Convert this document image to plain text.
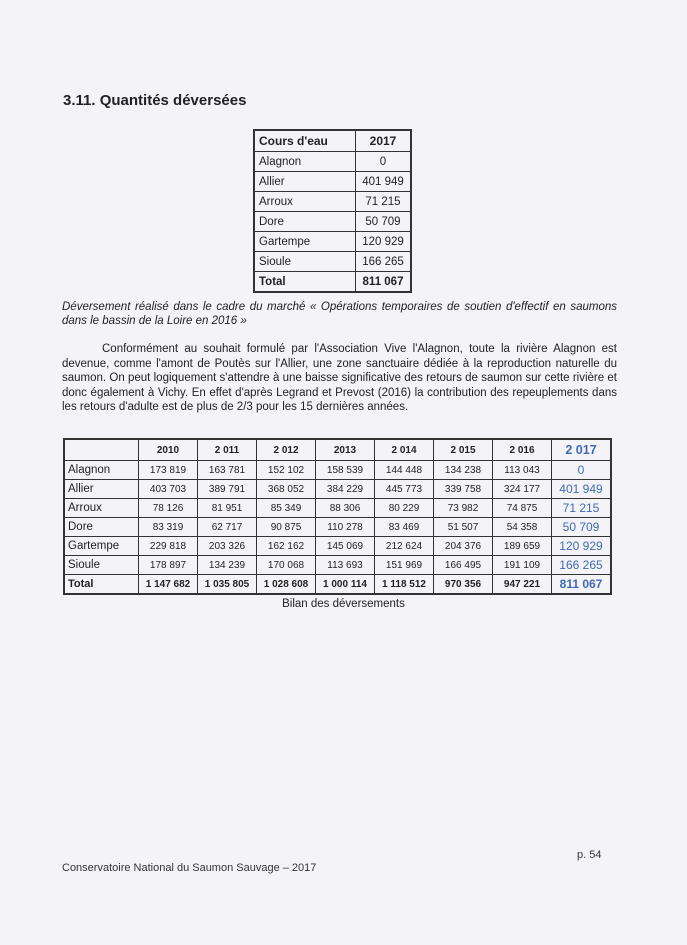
3.11. Quantités déversées
Cours d'eau	2017
Alagnon	0
Allier	401 949
Arroux	71 215
Dore	50 709
Gartempe	120 929
Sioule	166 265
Total	811 067
Déversement réalisé dans le cadre du marché « Opérations temporaires de soutien d'effectif en saumons dans le bassin de la Loire en 2016 »
Conformément au souhait formulé par l'Association Vive l'Alagnon, toute la rivière Alagnon est devenue, comme l'amont de Poutès sur l'Allier, une zone sanctuaire dédiée à la reproduction naturelle du saumon. On peut logiquement s'attendre à une baisse significative des retours de saumon sur cette rivière et donc également à Vichy. En effet d'après Legrand et Prevost (2016) la contribution des repeuplements dans les retours d'adulte est de plus de 2/3 pour les 15 dernières années.
	2010	2 011	2 012	2013	2 014	2 015	2 016	2 017
Alagnon	173 819	163 781	152 102	158 539	144 448	134 238	113 043	0
Allier	403 703	389 791	368 052	384 229	445 773	339 758	324 177	401 949
Arroux	78 126	81 951	85 349	88 306	80 229	73 982	74 875	71 215
Dore	83 319	62 717	90 875	110 278	83 469	51 507	54 358	50 709
Gartempe	229 818	203 326	162 162	145 069	212 624	204 376	189 659	120 929
Sioule	178 897	134 239	170 068	113 693	151 969	166 495	191 109	166 265
Total	1 147 682	1 035 805	1 028 608	1 000 114	1 118 512	970 356	947 221	811 067
Bilan des déversements
Conservatoire National du Saumon Sauvage – 2017
p. 54
